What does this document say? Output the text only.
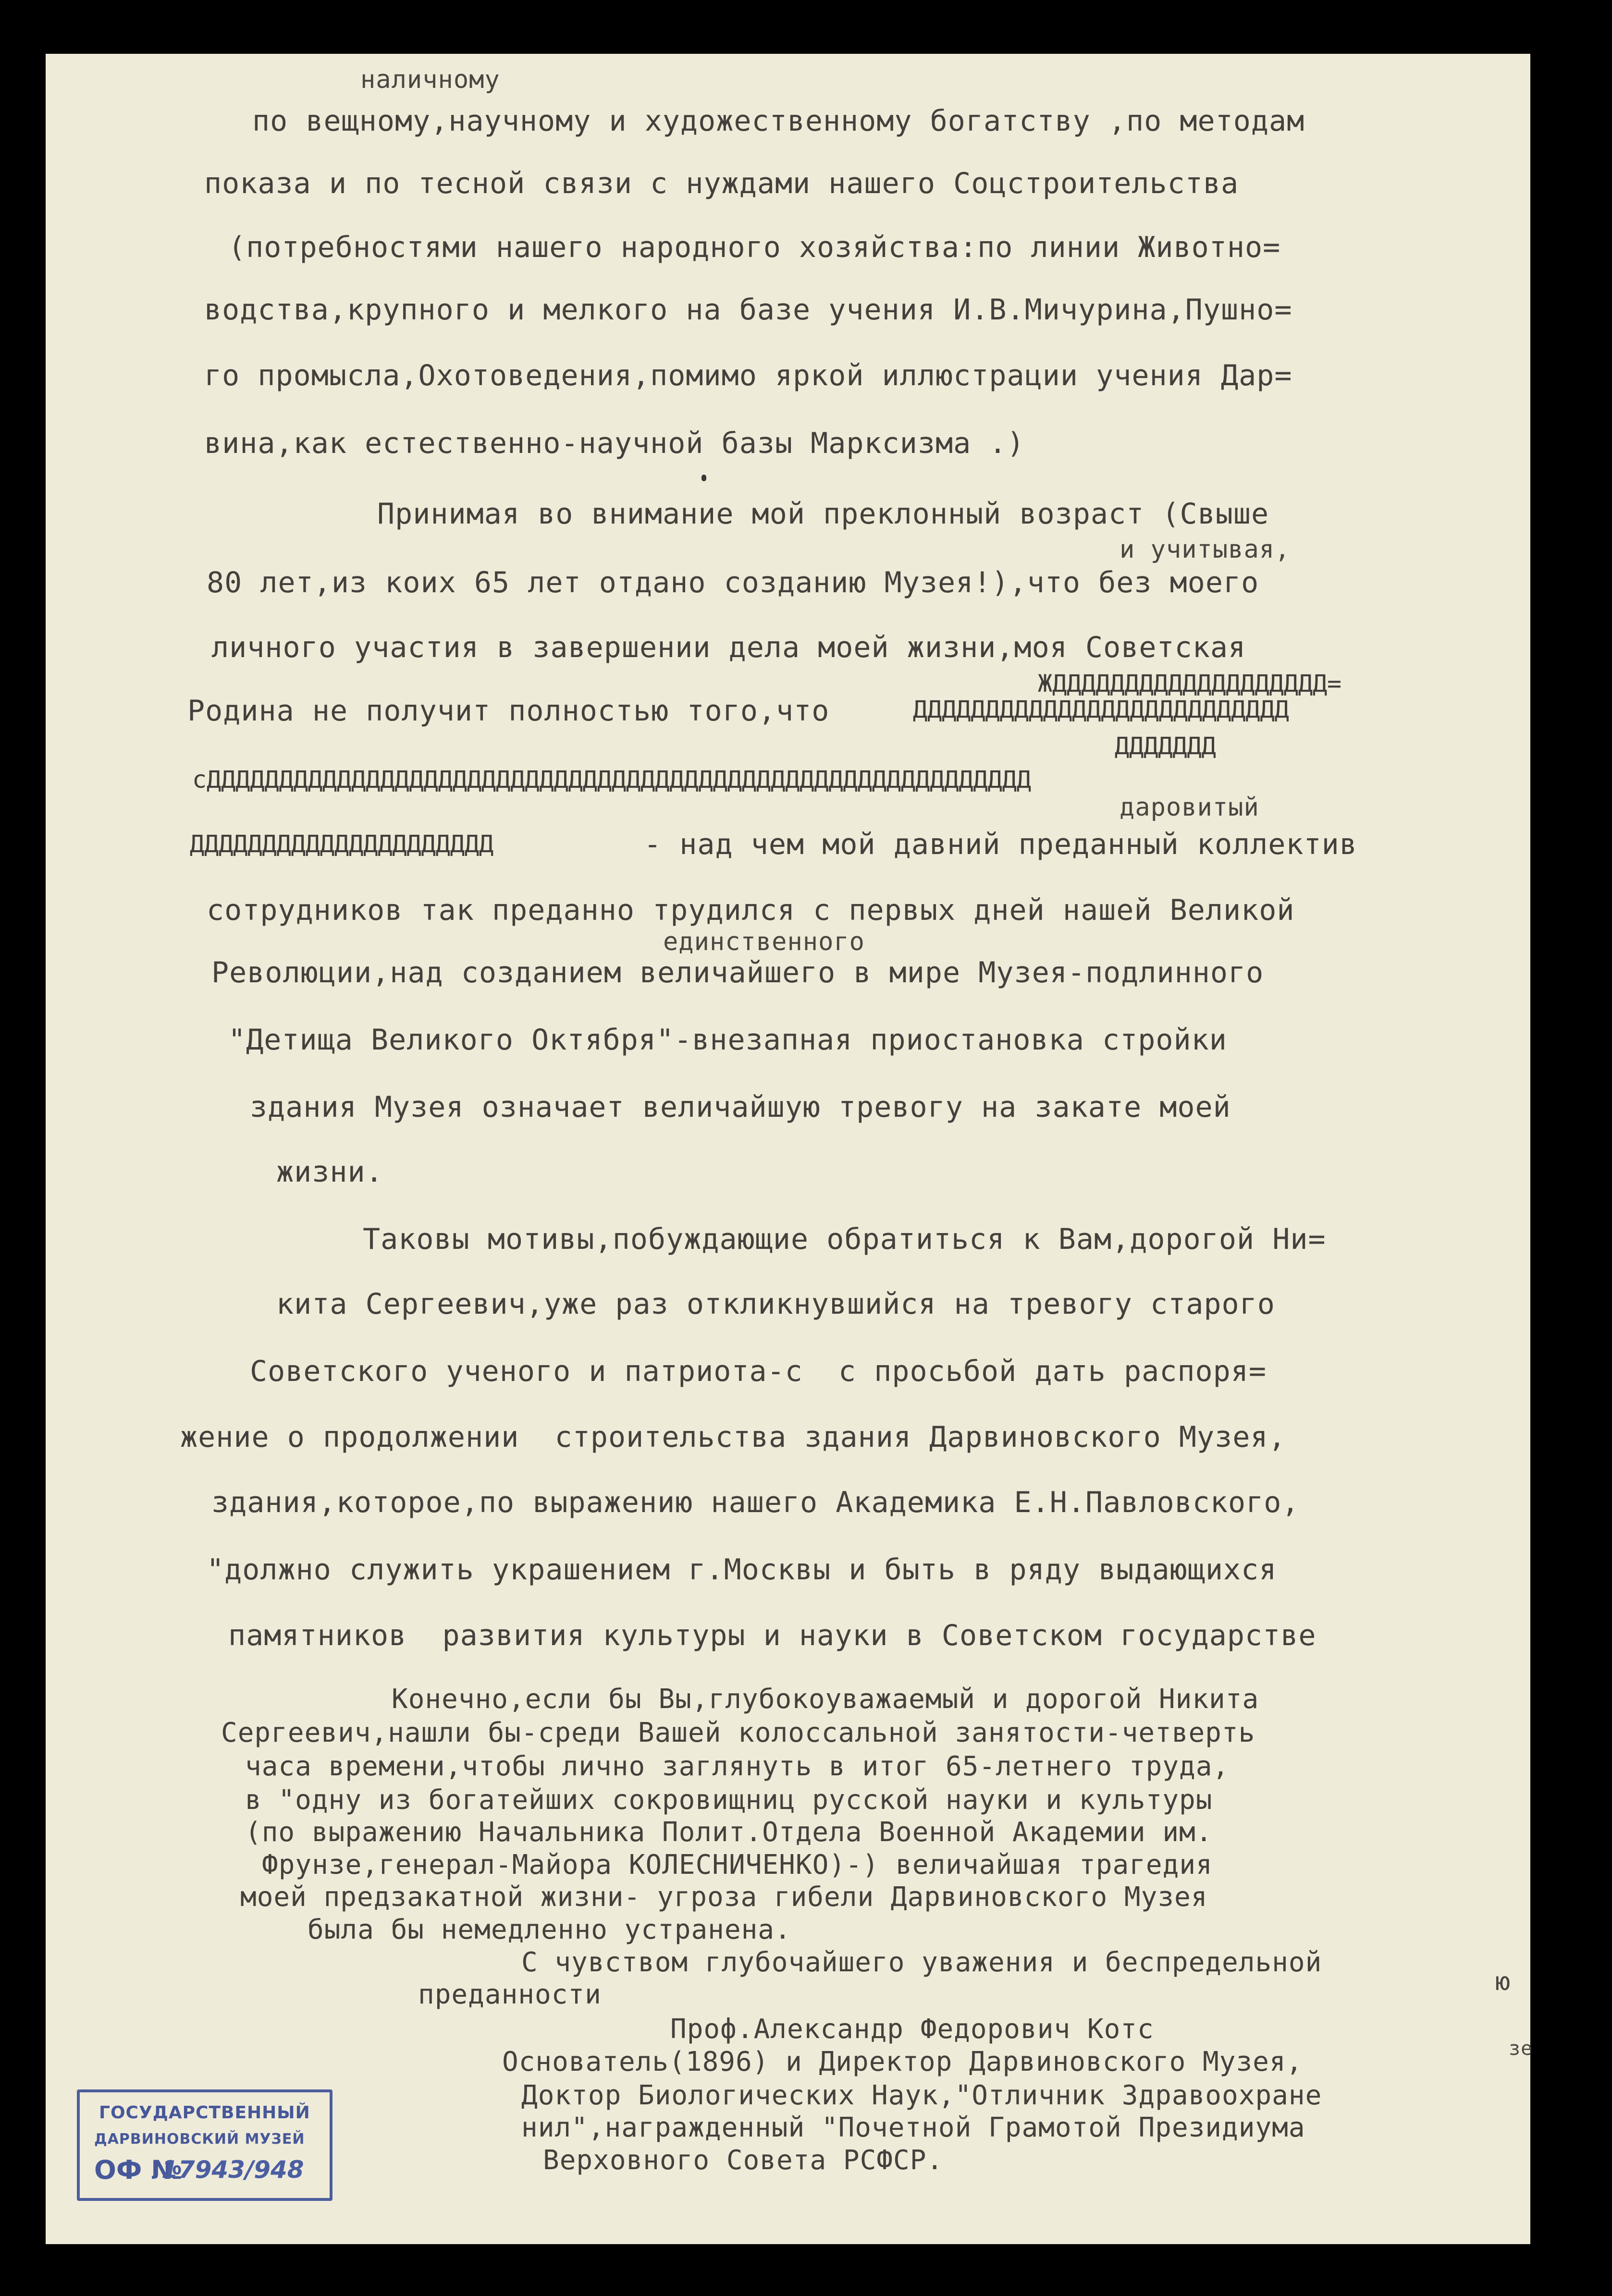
наличному
по вещному,научному и художественному богатству ,по методам
показа и по тесной связи с нуждами нашего Соцстроительства
(потребностями нашего народного хозяйства:по линии Животно=
водства,крупного и мелкого на базе учения И.В.Мичурина,Пушно=
го промысла,Охотоведения,помимо яркой иллюстрации учения Дар=
вина,как естественно-научной базы Марксизма .)
Принимая во внимание мой преклонный возраст (Свыше
и учитывая,
80 лет,из коих 65 лет отдано созданию Музея!),что без моего
личного участия в завершении дела моей жизни,моя Советская
ЖДДДДДДДДДДДДДДДДДДД=
Родина не получит полностью того,что	ДДДДДДДДДДДДДДДДДДДДДДДДДД
ДДДДДДД
сДДДДДДДДДДДДДДДДДДДДДДДДДДДДДДДДДДДДДДДДДДДДДДДДДДДДДДДДД
даровитый
ДДДДДДДДДДДДДДДДДДДДД	- над чем мой давний преданный коллектив
сотрудников так преданно трудился с первых дней нашей Великой
единственного
Революции,над созданием величайшего в мире Музея-подлинного
"Детища Великого Октября"-внезапная приостановка стройки
здания Музея означает величайшую тревогу на закате моей
жизни.
Таковы мотивы,побуждающие обратиться к Вам,дорогой Ни=
кита Сергеевич,уже раз откликнувшийся на тревогу старого
Советского ученого и патриота-с  с просьбой дать распоря=
жение о продолжении  строительства здания Дарвиновского Музея,
здания,которое,по выражению нашего Академика Е.Н.Павловского,
"должно служить украшением г.Москвы и быть в ряду выдающихся
памятников  развития культуры и науки в Советском государстве
Конечно,если бы Вы,глубокоуважаемый и дорогой Никита
Сергеевич,нашли бы-среди Вашей колоссальной занятости-четверть
часа времени,чтобы лично заглянуть в итог 65-летнего труда,
в "одну из богатейших сокровищниц русской науки и культуры
(по выражению Начальника Полит.Отдела Военной Академии им.
Фрунзе,генерал-Майора КОЛЕСНИЧЕНКО)-) величайшая трагедия
моей предзакатной жизни- угроза гибели Дарвиновского Музея
была бы немедленно устранена.
С чувством глубочайшего уважения и беспредельной
преданности
Проф.Александр Федорович Котс
Основатель(1896) и Директор Дарвиновского Музея,
Доктор Биологических Наук,"Отличник Здравоохране
нил",награжденный "Почетной Грамотой Президиума
Верховного Совета РСФСР.
ю
зе
ГОСУДАРСТВЕННЫЙ
ДАРВИНОВСКИЙ МУЗЕЙ
ОФ №
17943/948
